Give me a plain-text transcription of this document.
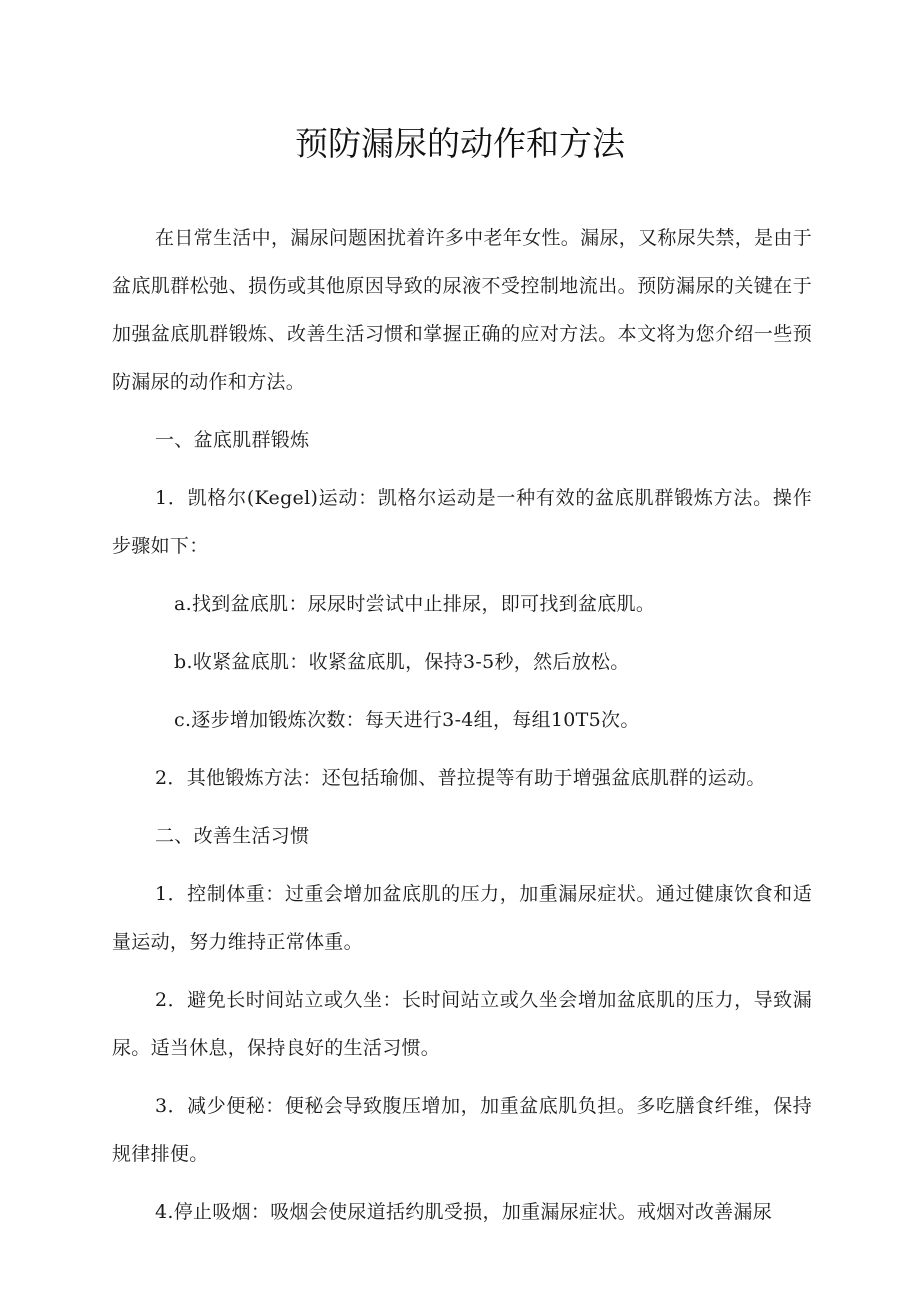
预防漏尿的动作和方法

在日常生活中，漏尿问题困扰着许多中老年女性。漏尿，又称尿失禁，是由于盆底肌群松弛、损伤或其他原因导致的尿液不受控制地流出。预防漏尿的关键在于加强盆底肌群锻炼、改善生活习惯和掌握正确的应对方法。本文将为您介绍一些预防漏尿的动作和方法。

一、盆底肌群锻炼

1．凯格尔(Kegel)运动：凯格尔运动是一种有效的盆底肌群锻炼方法。操作步骤如下：

a.找到盆底肌：尿尿时尝试中止排尿，即可找到盆底肌。

b.收紧盆底肌：收紧盆底肌，保持3-5秒，然后放松。

c.逐步增加锻炼次数：每天进行3-4组，每组10T5次。

2．其他锻炼方法：还包括瑜伽、普拉提等有助于增强盆底肌群的运动。

二、改善生活习惯

1．控制体重：过重会增加盆底肌的压力，加重漏尿症状。通过健康饮食和适量运动，努力维持正常体重。

2．避免长时间站立或久坐：长时间站立或久坐会增加盆底肌的压力，导致漏尿。适当休息，保持良好的生活习惯。

3．减少便秘：便秘会导致腹压增加，加重盆底肌负担。多吃膳食纤维，保持规律排便。

4.停止吸烟：吸烟会使尿道括约肌受损，加重漏尿症状。戒烟对改善漏尿
